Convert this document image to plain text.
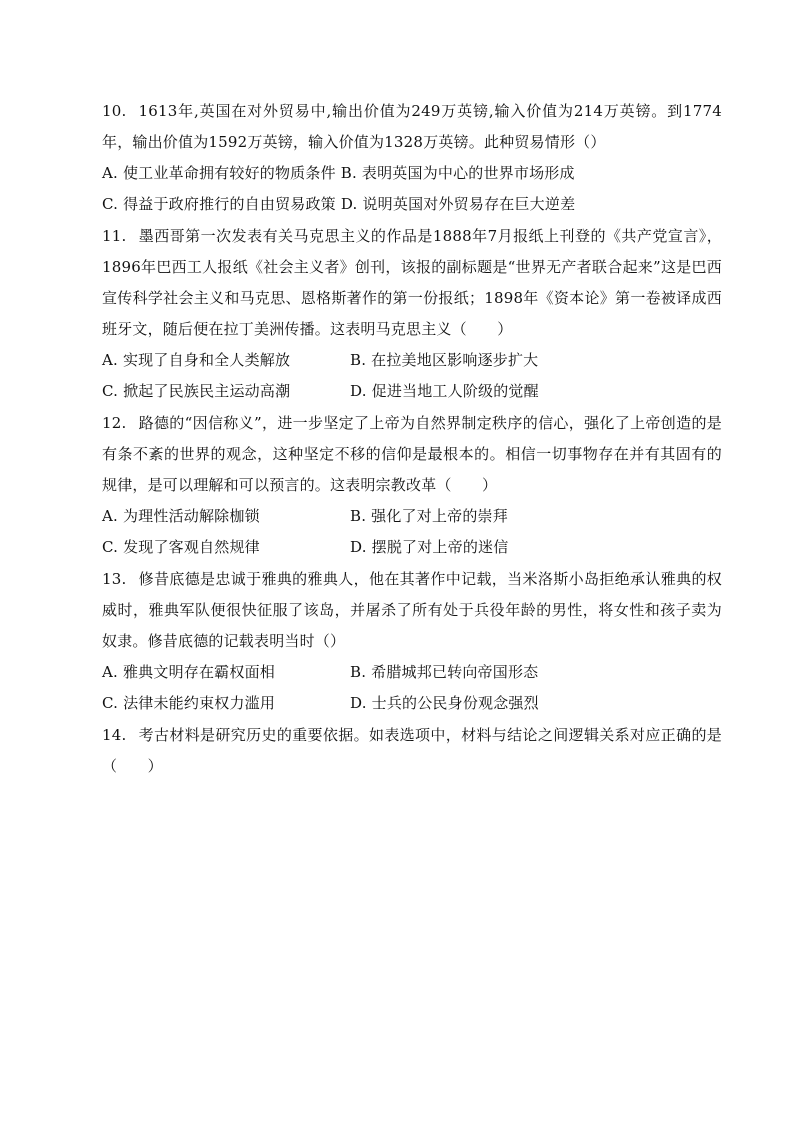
10. 1613年,英国在对外贸易中,输出价值为249万英镑,输入价值为214万英镑。到1774年，输出价值为1592万英镑，输入价值为1328万英镑。此种贸易情形（）

A. 使工业革命拥有较好的物质条件 B. 表明英国为中心的世界市场形成

C. 得益于政府推行的自由贸易政策 D. 说明英国对外贸易存在巨大逆差

11. 墨西哥第一次发表有关马克思主义的作品是1888年7月报纸上刊登的《共产党宣言》，1896年巴西工人报纸《社会主义者》创刊，该报的副标题是“世界无产者联合起来”这是巴西宣传科学社会主义和马克思、恩格斯著作的第一份报纸；1898年《资本论》第一卷被译成西班牙文，随后便在拉丁美洲传播。这表明马克思主义（　　）

A. 实现了自身和全人类解放	B. 在拉美地区影响逐步扩大
C. 掀起了民族民主运动高潮	D. 促进当地工人阶级的觉醒

12. 路德的“因信称义”，进一步坚定了上帝为自然界制定秩序的信心，强化了上帝创造的是有条不紊的世界的观念，这种坚定不移的信仰是最根本的。相信一切事物存在并有其固有的规律，是可以理解和可以预言的。这表明宗教改革（　　）

A. 为理性活动解除枷锁	B. 强化了对上帝的崇拜
C. 发现了客观自然规律	D. 摆脱了对上帝的迷信

13. 修昔底德是忠诚于雅典的雅典人，他在其著作中记载，当米洛斯小岛拒绝承认雅典的权威时，雅典军队便很快征服了该岛，并屠杀了所有处于兵役年龄的男性，将女性和孩子卖为奴隶。修昔底德的记载表明当时（）

A. 雅典文明存在霸权面相	B. 希腊城邦已转向帝国形态
C. 法律未能约束权力滥用	D. 士兵的公民身份观念强烈

14. 考古材料是研究历史的重要依据。如表选项中，材料与结论之间逻辑关系对应正确的是（　　）
